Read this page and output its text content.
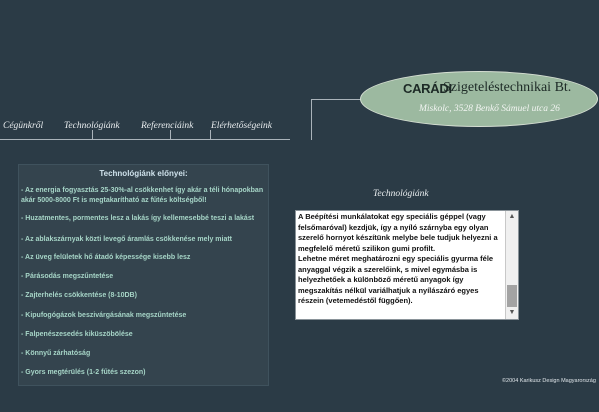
CARÁDI
Szigeteléstechnikai Bt.
Miskolc, 3528 Benkő Sámuel utca 26
Cégünkről Technológiánk Referenciáink Elérhetőségeink
Technológiánk előnyei:
- Az energia fogyasztás 25-30%-al csökkenhet így akár a téli hónapokban akár 5000-8000 Ft is megtakarítható az fűtés költségből!
- Huzatmentes, pormentes lesz a lakás így kellemesebbé teszi a lakást
- Az ablakszárnyak közti levegő áramlás csökkenése mely miatt
- Az üveg felületek hő átadó képessége kisebb lesz
- Párásodás megszűntetése
- Zajterhelés csökkentése (8-10DB)
- Kipufogógázok beszivárgásának megszűntetése
- Falpenészesedés kiküszöbölése
- Könnyű zárhatóság
- Gyors megtérülés (1-2 fűtés szezon)
Technológiánk
A Beépítési munkálatokat egy speciális géppel (vagy felsőmaróval) kezdjük, így a nyíló szárnyba egy olyan szerelő hornyot készítünk melybe bele tudjuk helyezni a megfelelő méretű szilikon gumi profilt.
Lehetne méret meghatározni egy speciális gyurma féle anyaggal végzik a szerelőink, s mivel egymásba is helyezhetőek a különböző méretű anyagok így megszakítás nélkül variálhatjuk a nyílászáró egyes részein (vetemedéstől függően).
▲
▼
©2004 Karikusz Design Magyarország
